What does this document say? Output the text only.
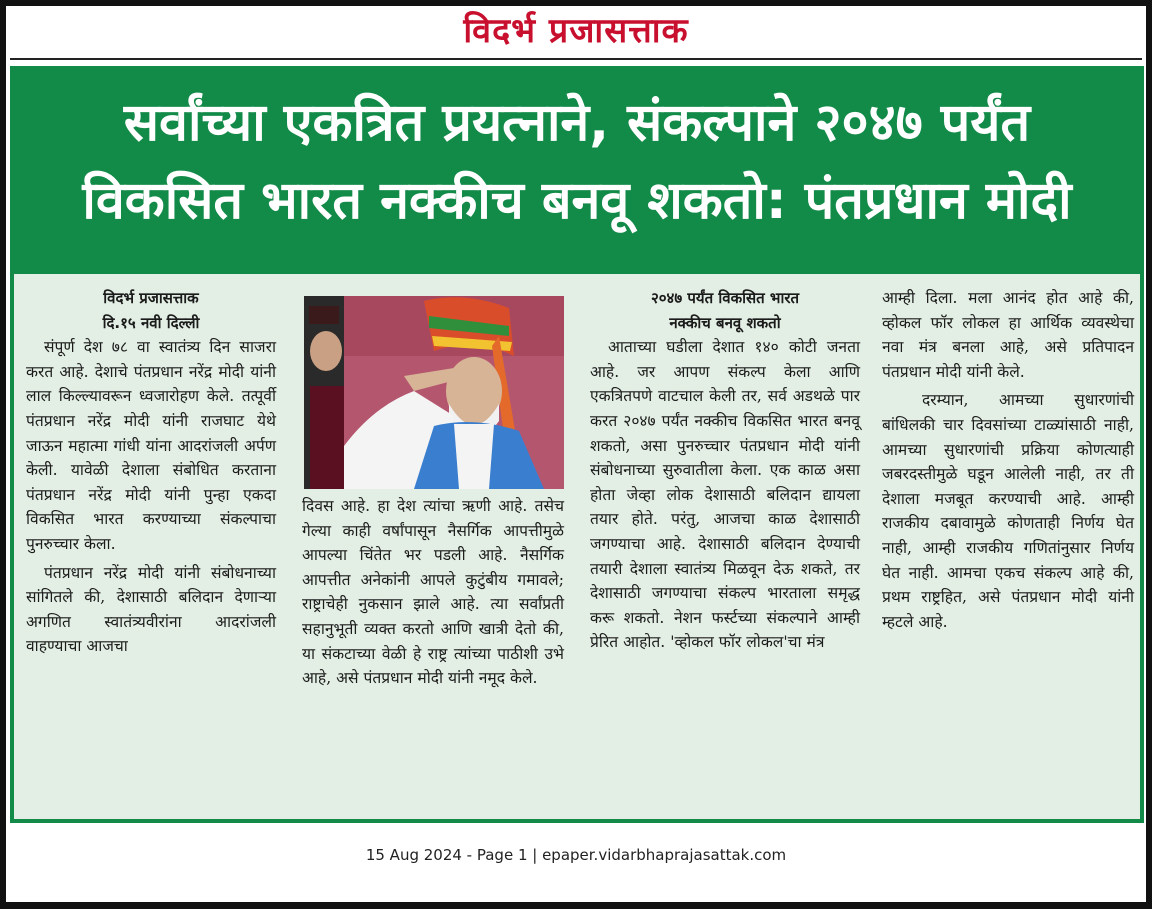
विदर्भ प्रजासत्ताक
सर्वांच्या एकत्रित प्रयत्नाने, संकल्पाने २०४७ पर्यंत
विकसित भारत नक्कीच बनवू शकतो: पंतप्रधान मोदी
विदर्भ प्रजासत्ताक
दि.१५ नवी दिल्ली

संपूर्ण देश ७८ वा स्वातंत्र्य दिन साजरा करत आहे. देशाचे पंतप्रधान नरेंद्र मोदी यांनी लाल किल्ल्यावरून ध्वजारोहण केले. तत्पूर्वी पंतप्रधान नरेंद्र मोदी यांनी राजघाट येथे जाऊन महात्मा गांधी यांना आदरांजली अर्पण केली. यावेळी देशाला संबोधित करताना पंतप्रधान नरेंद्र मोदी यांनी पुन्हा एकदा विकसित भारत करण्याच्या संकल्पाचा पुनरुच्चार केला.

पंतप्रधान नरेंद्र मोदी यांनी संबोधनाच्या सांगितले की, देशासाठी बलिदान देणाऱ्या अगणित स्वातंत्र्यवीरांना आदरांजली वाहण्याचा आजचा

दिवस आहे. हा देश त्यांचा ऋणी आहे. तसेच गेल्या काही वर्षांपासून नैसर्गिक आपत्तीमुळे आपल्या चिंतेत भर पडली आहे. नैसर्गिक आपत्तीत अनेकांनी आपले कुटुंबीय गमावले; राष्ट्राचेही नुकसान झाले आहे. त्या सर्वांप्रती सहानुभूती व्यक्त करतो आणि खात्री देतो की, या संकटाच्या वेळी हे राष्ट्र त्यांच्या पाठीशी उभे आहे, असे पंतप्रधान मोदी यांनी नमूद केले.

२०४७ पर्यंत विकसित भारत
नक्कीच बनवू शकतो

आताच्या घडीला देशात १४० कोटी जनता आहे. जर आपण संकल्प केला आणि एकत्रितपणे वाटचाल केली तर, सर्व अडथळे पार करत २०४७ पर्यंत नक्कीच विकसित भारत बनवू शकतो, असा पुनरुच्चार पंतप्रधान मोदी यांनी संबोधनाच्या सुरुवातीला केला. एक काळ असा होता जेव्हा लोक देशासाठी बलिदान द्यायला तयार होते. परंतु, आजचा काळ देशासाठी जगण्याचा आहे. देशासाठी बलिदान देण्याची तयारी देशाला स्वातंत्र्य मिळवून देऊ शकते, तर देशासाठी जगण्याचा संकल्प भारताला समृद्ध करू शकतो. नेशन फर्स्टच्या संकल्पाने आम्ही प्रेरित आहोत. 'व्होकल फॉर लोकल'चा मंत्र

आम्ही दिला. मला आनंद होत आहे की, व्होकल फॉर लोकल हा आर्थिक व्यवस्थेचा नवा मंत्र बनला आहे, असे प्रतिपादन पंतप्रधान मोदी यांनी केले.

दरम्यान, आमच्या सुधारणांची बांधिलकी चार दिवसांच्या टाळ्यांसाठी नाही, आमच्या सुधारणांची प्रक्रिया कोणत्याही जबरदस्तीमुळे घडून आलेली नाही, तर ती देशाला मजबूत करण्याची आहे. आम्ही राजकीय दबावामुळे कोणताही निर्णय घेत नाही, आम्ही राजकीय गणितांनुसार निर्णय घेत नाही. आमचा एकच संकल्प आहे की, प्रथम राष्ट्रहित, असे पंतप्रधान मोदी यांनी म्हटले आहे.

15 Aug 2024 - Page 1 | epaper.vidarbhaprajasattak.com
